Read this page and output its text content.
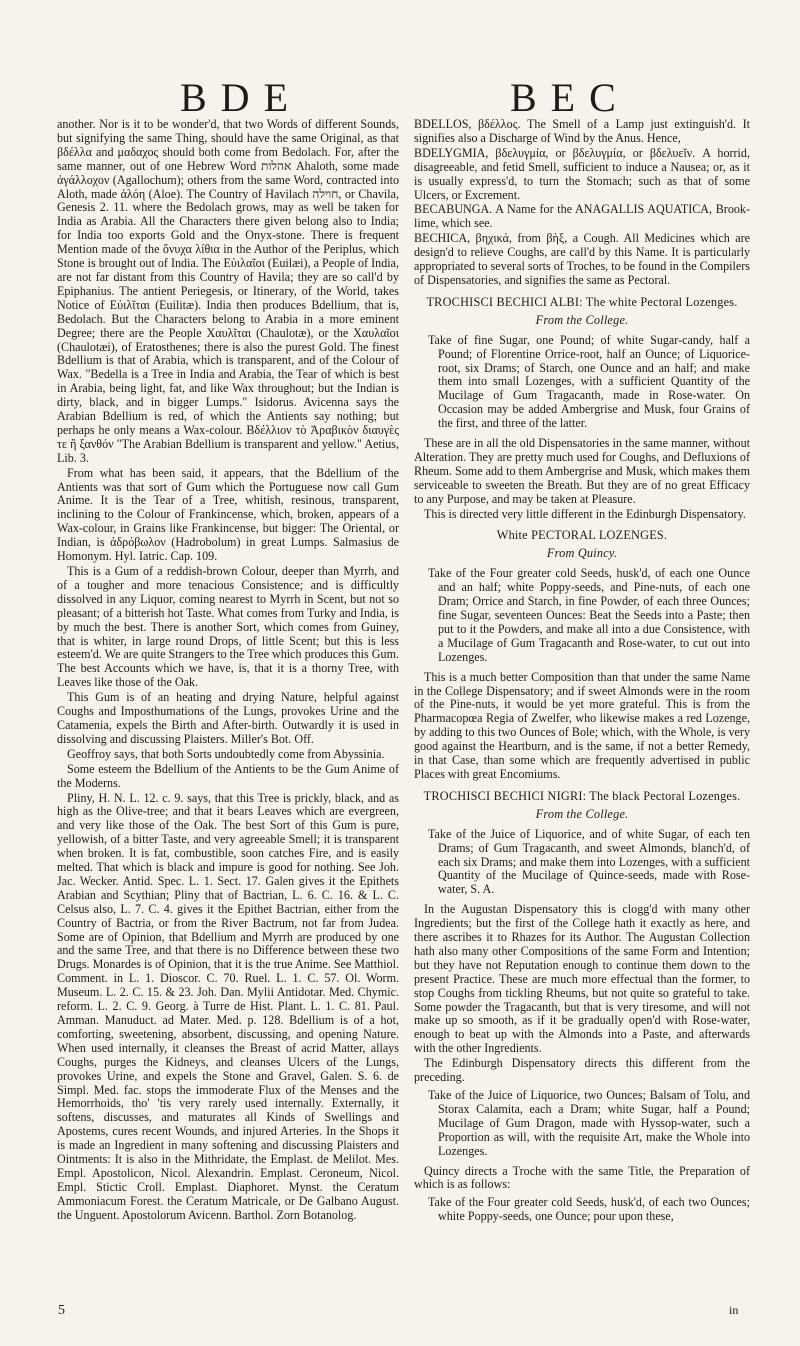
BDE	BEC

another. Nor is it to be wonder'd, that two Words of different Sounds, but signifying the same Thing, should have the same Original, as that βδέλλα and μαδαχος should both come from Bedolach. For, after the same manner, out of one Hebrew Word אהלות Ahaloth, some made ἀγάλλοχον (Agallochum); others from the same Word, contracted into Aloth, made ἀλόη (Aloe). The Country of Havilach חוילה, or Chavila, Genesis 2. 11. where the Bedolach grows, may as well be taken for India as Arabia. All the Characters there given belong also to India; for India too exports Gold and the Onyx-stone. There is frequent Mention made of the ὄνυχα λίθια in the Author of the Periplus, which Stone is brought out of India. The Εὐιλαῖοι (Euilæi), a People of India, are not far distant from this Country of Havila; they are so call'd by Epiphanius. The antient Periegesis, or Itinerary, of the World, takes Notice of Εὐιλῖται (Euilitæ). India then produces Bdellium, that is, Bedolach. But the Characters belong to Arabia in a more eminent Degree; there are the People Χαυλῖται (Chaulotæ), or the Χαυλαῖοι (Chaulotæi), of Eratosthenes; there is also the purest Gold. The finest Bdellium is that of Arabia, which is transparent, and of the Colour of Wax. "Bedella is a Tree in India and Arabia, the Tear of which is best in Arabia, being light, fat, and like Wax throughout; but the Indian is dirty, black, and in bigger Lumps." Isidorus. Avicenna says the Arabian Bdellium is red, of which the Antients say nothing; but perhaps he only means a Wax-colour. Βδέλλιον τὸ Ἀραβικὸν διαυγὲς τε ἢ ξανθόν "The Arabian Bdellium is transparent and yellow." Aetius, Lib. 3.

From what has been said, it appears, that the Bdellium of the Antients was that sort of Gum which the Portuguese now call Gum Anime. It is the Tear of a Tree, whitish, resinous, transparent, inclining to the Colour of Frankincense, which, broken, appears of a Wax-colour, in Grains like Frankincense, but bigger: The Oriental, or Indian, is ἀδρόβωλον (Hadrobolum) in great Lumps. Salmasius de Homonym. Hyl. Iatric. Cap. 109.

This is a Gum of a reddish-brown Colour, deeper than Myrrh, and of a tougher and more tenacious Consistence; and is difficultly dissolved in any Liquor, coming nearest to Myrrh in Scent, but not so pleasant; of a bitterish hot Taste. What comes from Turky and India, is by much the best. There is another Sort, which comes from Guiney, that is whiter, in large round Drops, of little Scent; but this is less esteem'd. We are quite Strangers to the Tree which produces this Gum. The best Accounts which we have, is, that it is a thorny Tree, with Leaves like those of the Oak.

This Gum is of an heating and drying Nature, helpful against Coughs and Imposthumations of the Lungs, provokes Urine and the Catamenia, expels the Birth and After-birth. Outwardly it is used in dissolving and discussing Plaisters. Miller's Bot. Off.

Geoffroy says, that both Sorts undoubtedly come from Abyssinia.

Some esteem the Bdellium of the Antients to be the Gum Anime of the Moderns.

Pliny, H. N. L. 12. c. 9. says, that this Tree is prickly, black, and as high as the Olive-tree; and that it bears Leaves which are evergreen, and very like those of the Oak. The best Sort of this Gum is pure, yellowish, of a bitter Taste, and very agreeable Smell; it is transparent when broken. It is fat, combustible, soon catches Fire, and is easily melted. That which is black and impure is good for nothing. See Joh. Jac. Wecker. Antid. Spec. L. 1. Sect. 17. Galen gives it the Epithets Arabian and Scythian; Pliny that of Bactrian, L. 6. C. 16. & L. C. Celsus also, L. 7. C. 4. gives it the Epithet Bactrian, either from the Country of Bactria, or from the River Bactrum, not far from Judea. Some are of Opinion, that Bdellium and Myrrh are produced by one and the same Tree, and that there is no Difference between these two Drugs. Monardes is of Opinion, that it is the true Anime. See Matthiol. Comment. in L. 1. Dioscor. C. 70. Ruel. L. 1. C. 57. Ol. Worm. Museum. L. 2. C. 15. & 23. Joh. Dan. Mylii Antidotar. Med. Chymic. reform. L. 2. C. 9. Georg. à Turre de Hist. Plant. L. 1. C. 81. Paul. Amman. Manuduct. ad Mater. Med. p. 128. Bdellium is of a hot, comforting, sweetening, absorbent, discussing, and opening Nature. When used internally, it cleanses the Breast of acrid Matter, allays Coughs, purges the Kidneys, and cleanses Ulcers of the Lungs, provokes Urine, and expels the Stone and Gravel, Galen. S. 6. de Simpl. Med. fac. stops the immoderate Flux of the Menses and the Hemorrhoids, tho' 'tis very rarely used internally. Externally, it softens, discusses, and maturates all Kinds of Swellings and Apostems, cures recent Wounds, and injured Arteries. In the Shops it is made an Ingredient in many softening and discussing Plaisters and Ointments: It is also in the Mithridate, the Emplast. de Melilot. Mes. Empl. Apostolicon, Nicol. Alexandrin. Emplast. Ceroneum, Nicol. Empl. Stictic Croll. Emplast. Diaphoret. Mynst. the Ceratum Ammoniacum Forest. the Ceratum Matricale, or De Galbano August. the Unguent. Apostolorum Avicenn. Barthol. Zorn Botanolog.

BDELLOS, βδέλλος. The Smell of a Lamp just extinguish'd. It signifies also a Discharge of Wind by the Anus. Hence,

BDELYGMIA, βδελυγμία, or βδελυγμία, or βδελυεῖν. A horrid, disagreeable, and fetid Smell, sufficient to induce a Nausea; or, as it is usually express'd, to turn the Stomach; such as that of some Ulcers, or Excrement.

BECABUNGA. A Name for the ANAGALLIS AQUATICA, Brook-lime, which see.

BECHICA, βηχικά, from βὴξ, a Cough. All Medicines which are design'd to relieve Coughs, are call'd by this Name. It is particularly appropriated to several sorts of Troches, to be found in the Compilers of Dispensatories, and signifies the same as Pectoral.

TROCHISCI BECHICI ALBI: The white Pectoral Lozenges.
From the College.

Take of fine Sugar, one Pound; of white Sugar-candy, half a Pound; of Florentine Orrice-root, half an Ounce; of Liquorice-root, six Drams; of Starch, one Ounce and an half; and make them into small Lozenges, with a sufficient Quantity of the Mucilage of Gum Tragacanth, made in Rose-water. On Occasion may be added Ambergrise and Musk, four Grains of the first, and three of the latter.

These are in all the old Dispensatories in the same manner, without Alteration. They are pretty much used for Coughs, and Defluxions of Rheum. Some add to them Ambergrise and Musk, which makes them serviceable to sweeten the Breath. But they are of no great Efficacy to any Purpose, and may be taken at Pleasure.

This is directed very little different in the Edinburgh Dispensatory.

White PECTORAL LOZENGES.
From Quincy.

Take of the Four greater cold Seeds, husk'd, of each one Ounce and an half; white Poppy-seeds, and Pine-nuts, of each one Dram; Orrice and Starch, in fine Powder, of each three Ounces; fine Sugar, seventeen Ounces: Beat the Seeds into a Paste; then put to it the Powders, and make all into a due Consistence, with a Mucilage of Gum Tragacanth and Rose-water, to cut out into Lozenges.

This is a much better Composition than that under the same Name in the College Dispensatory; and if sweet Almonds were in the room of the Pine-nuts, it would be yet more grateful. This is from the Pharmacopœa Regia of Zwelfer, who likewise makes a red Lozenge, by adding to this two Ounces of Bole; which, with the Whole, is very good against the Heartburn, and is the same, if not a better Remedy, in that Case, than some which are frequently advertised in public Places with great Encomiums.

TROCHISCI BECHICI NIGRI: The black Pectoral Lozenges.
From the College.

Take of the Juice of Liquorice, and of white Sugar, of each ten Drams; of Gum Tragacanth, and sweet Almonds, blanch'd, of each six Drams; and make them into Lozenges, with a sufficient Quantity of the Mucilage of Quince-seeds, made with Rose-water, S. A.

In the Augustan Dispensatory this is clogg'd with many other Ingredients; but the first of the College hath it exactly as here, and there ascribes it to Rhazes for its Author. The Augustan Collection hath also many other Compositions of the same Form and Intention; but they have not Reputation enough to continue them down to the present Practice. These are much more effectual than the former, to stop Coughs from tickling Rheums, but not quite so grateful to take. Some powder the Tragacanth, but that is very tiresome, and will not make up so smooth, as if it be gradually open'd with Rose-water, enough to beat up with the Almonds into a Paste, and afterwards with the other Ingredients.

The Edinburgh Dispensatory directs this different from the preceding.

Take of the Juice of Liquorice, two Ounces; Balsam of Tolu, and Storax Calamita, each a Dram; white Sugar, half a Pound; Mucilage of Gum Dragon, made with Hyssop-water, such a Proportion as will, with the requisite Art, make the Whole into Lozenges.

Quincy directs a Troche with the same Title, the Preparation of which is as follows:

Take of the Four greater cold Seeds, husk'd, of each two Ounces; white Poppy-seeds, one Ounce; pour upon these,

5	in
